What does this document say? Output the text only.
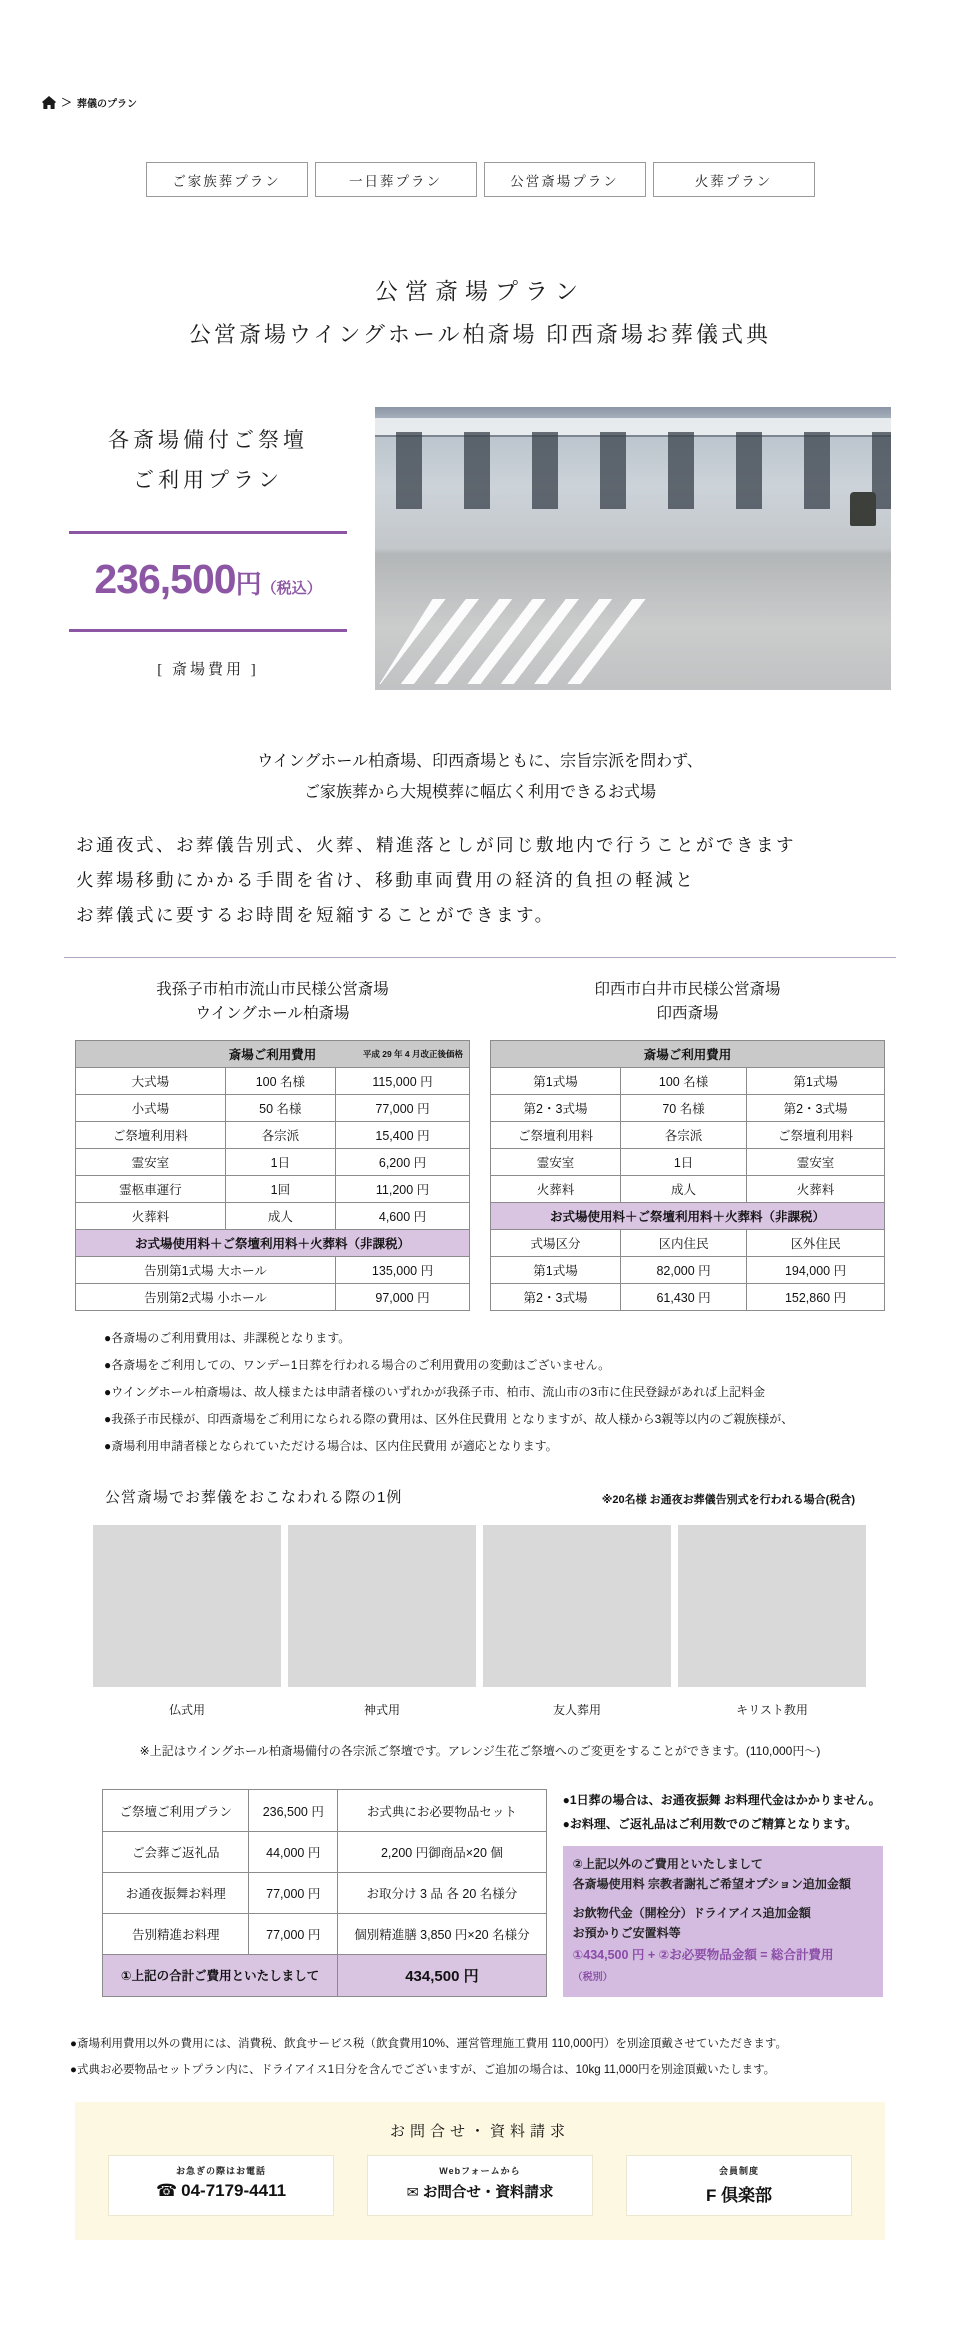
＞ 葬儀のプラン
ご家族葬プラン	一日葬プラン	公営斎場プラン	火葬プラン
公営斎場プラン
公営斎場ウイングホール柏斎場 印西斎場お葬儀式典
各斎場備付ご祭壇
ご利用プラン
236,500円（税込）
[ 斎場費用 ]
ウイングホール柏斎場、印西斎場ともに、宗旨宗派を問わず、
ご家族葬から大規模葬に幅広く利用できるお式場
お通夜式、お葬儀告別式、火葬、精進落としが同じ敷地内で行うことができます
火葬場移動にかかる手間を省け、移動車両費用の経済的負担の軽減と
お葬儀式に要するお時間を短縮することができます。
我孫子市柏市流山市民様公営斎場
ウイングホール柏斎場
斎場ご利用費用 平成 29 年 4 月改正後価格		

大式場	100 名様	115,000 円
小式場	50 名様	77,000 円
ご祭壇利用料	各宗派	15,400 円
霊安室	1日	6,200 円
霊柩車運行	1回	11,200 円
火葬料	成人	4,600 円
お式場使用料＋ご祭壇利用料＋火葬料（非課税）		
告別第1式場 大ホール		135,000 円
告別第2式場 小ホール		97,000 円
印西市白井市民様公営斎場
印西斎場
斎場ご利用費用		
第1式場	100 名様	第1式場
第2・3式場	70 名様	第2・3式場
ご祭壇利用料	各宗派	ご祭壇利用料
霊安室	1日	霊安室
火葬料	成人	火葬料
お式場使用料＋ご祭壇利用料＋火葬料（非課税）		
式場区分	区内住民	区外住民
第1式場	82,000 円	194,000 円
第2・3式場	61,430 円	152,860 円
●各斎場のご利用費用は、非課税となります。
●各斎場をご利用しての、ワンデー1日葬を行われる場合のご利用費用の変動はございません。
●ウイングホール柏斎場は、故人様または申請者様のいずれかが我孫子市、柏市、流山市の3市に住民登録があれば上記料金
●我孫子市民様が、印西斎場をご利用になられる際の費用は、区外住民費用 となりますが、故人様から3親等以内のご親族様が、
●斎場利用申請者様となられていただける場合は、区内住民費用 が適応となります。
公営斎場でお葬儀をおこなわれる際の1例	※20名様 お通夜お葬儀告別式を行われる場合(税含)
仏式用	神式用	友人葬用	キリスト教用
※上記はウイングホール柏斎場備付の各宗派ご祭壇です。アレンジ生花ご祭壇へのご変更をすることができます。(110,000円〜)
ご祭壇ご利用プラン	236,500 円	お式典にお必要物品セット
ご会葬ご返礼品	44,000 円	2,200 円御商品×20 個
お通夜振舞お料理	77,000 円	お取分け 3 品 各 20 名様分
告別精進お料理	77,000 円	個別精進膳 3,850 円×20 名様分
①上記の合計ご費用といたしまして		434,500 円
●1日葬の場合は、お通夜振舞 お料理代金はかかりません。
●お料理、ご返礼品はご利用数でのご精算となります。
②上記以外のご費用といたしまして
各斎場使用料 宗教者謝礼ご希望オプション追加金額
お飲物代金（開栓分）ドライアイス追加金額
お預かりご安置料等
①434,500 円 + ②お必要物品金額 = 総合計費用（税別）
●斎場利用費用以外の費用には、消費税、飲食サービス税（飲食費用10%、運営管理施工費用 110,000円）を別途頂戴させていただきます。
●式典お必要物品セットプラン内に、ドライアイス1日分を含んでございますが、ご追加の場合は、10kg 11,000円を別途頂戴いたします。
お問合せ・資料請求
お急ぎの際はお電話
☎ 04-7179-4411
Webフォームから
✉ お問合せ・資料請求
会員制度
F 倶楽部
